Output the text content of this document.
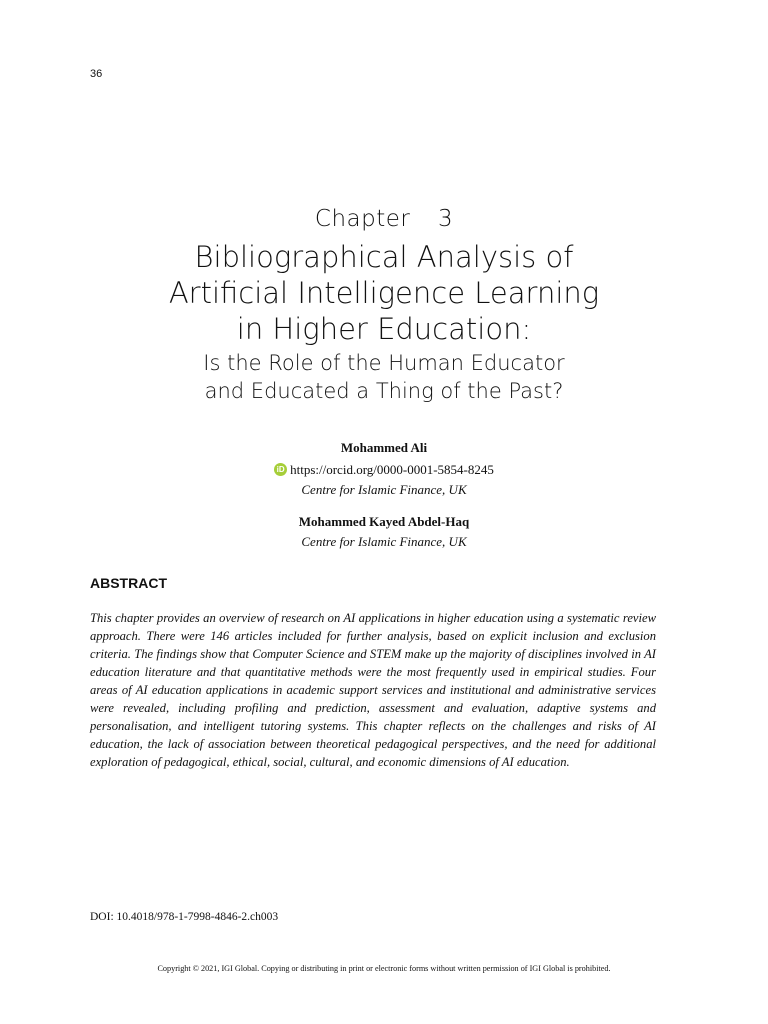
36
Chapter  3
Bibliographical Analysis of
Artificial Intelligence Learning
in Higher Education:
Is the Role of the Human Educator
and Educated a Thing of the Past?
Mohammed Ali
iD https://orcid.org/0000-0001-5854-8245
Centre for Islamic Finance, UK
Mohammed Kayed Abdel-Haq
Centre for Islamic Finance, UK
ABSTRACT
This chapter provides an overview of research on AI applications in higher education using a systematic review approach. There were 146 articles included for further analysis, based on explicit inclusion and exclusion criteria. The findings show that Computer Science and STEM make up the majority of disciplines involved in AI education literature and that quantitative methods were the most frequently used in empirical studies. Four areas of AI education applications in academic support services and institutional and administrative services were revealed, including profiling and prediction, assessment and evaluation, adaptive systems and personalisation, and intelligent tutoring systems. This chapter reflects on the challenges and risks of AI education, the lack of association between theoretical pedagogical perspectives, and the need for additional exploration of pedagogical, ethical, social, cultural, and economic dimensions of AI education.
DOI: 10.4018/978-1-7998-4846-2.ch003
Copyright © 2021, IGI Global. Copying or distributing in print or electronic forms without written permission of IGI Global is prohibited.
